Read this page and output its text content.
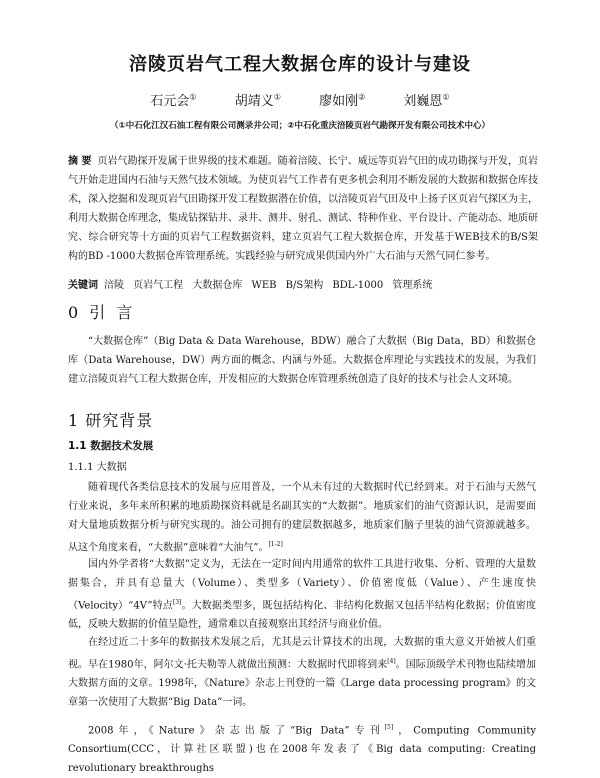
涪陵页岩气工程大数据仓库的设计与建设
石元会①	胡靖义①	廖如刚②	刘巍恩①
（①中石化江汉石油工程有限公司测录井公司；②中石化重庆涪陵页岩气勘探开发有限公司技术中心）
摘 要 页岩气勘探开发属于世界级的技术难题。随着涪陵、长宁、威远等页岩气田的成功勘探与开发，页岩气开始走进国内石油与天然气技术领域。为使页岩气工作者有更多机会利用不断发展的大数据和数据仓库技术，深入挖掘和发现页岩气田勘探开发工程数据潜在价值，以涪陵页岩气田及中上扬子区页岩气探区为主，利用大数据仓库理念，集成钻探钻井、录井、测井、射孔、测试、特种作业、平台设计、产能动态、地质研究、综合研究等十方面的页岩气工程数据资料，建立页岩气工程大数据仓库，开发基于WEB技术的B/S架构的BD -1000大数据仓库管理系统。实践经验与研究成果供国内外广大石油与天然气同仁参考。
关键词 涪陵 页岩气工程 大数据仓库 WEB B/S架构 BDL-1000 管理系统
0 引 言
“大数据仓库”（Big Data & Data Warehouse，BDW）融合了大数据（Big Data，BD）和数据仓库（Data Warehouse，DW）两方面的概念、内涵与外延。大数据仓库理论与实践技术的发展，为我们建立涪陵页岩气工程大数据仓库，开发相应的大数据仓库管理系统创造了良好的技术与社会人文环境。
1 研究背景
1.1 数据技术发展
1.1.1 大数据
随着现代各类信息技术的发展与应用普及，一个从未有过的大数据时代已经到来。对于石油与天然气行业来说，多年来所积累的地质勘探资料就是名副其实的“大数据”。地质家们的油气资源认识，是需要面对大量地质数据分析与研究实现的。油公司拥有的建层数据越多，地质家们脑子里装的油气资源就越多。从这个角度来看，“大数据”意味着“大油气”。[1-2]
国内外学者将“大数据”定义为，无法在一定时间内用通常的软件工具进行收集、分析、管理的大量数据集合，并具有总量大（Volume）、类型多（Variety）、价值密度低（Value）、产生速度快（Velocity）“4V”特点[3]。大数据类型多，既包括结构化、非结构化数据又包括半结构化数据；价值密度低，反映大数据的价值呈隐性，通常难以直接观察出其经济与商业价值。
在经过近二十多年的数据技术发展之后，尤其是云计算技术的出现，大数据的重大意义开始被人们重视。早在1980年，阿尔文·托夫勒等人就做出预测：大数据时代即将到来[4]。国际顶级学术刊物也陆续增加大数据方面的文章。1998年，《Nature》杂志上刊登的一篇《Large data processing program》的文章第一次使用了大数据“Big Data”一词。
2008年，《Nature》杂志出版了“Big Data”专刊[5]，Computing Community Consortium(CCC，计算社区联盟)也在2008年发表了《Big data computing: Creating revolutionary breakthroughs
